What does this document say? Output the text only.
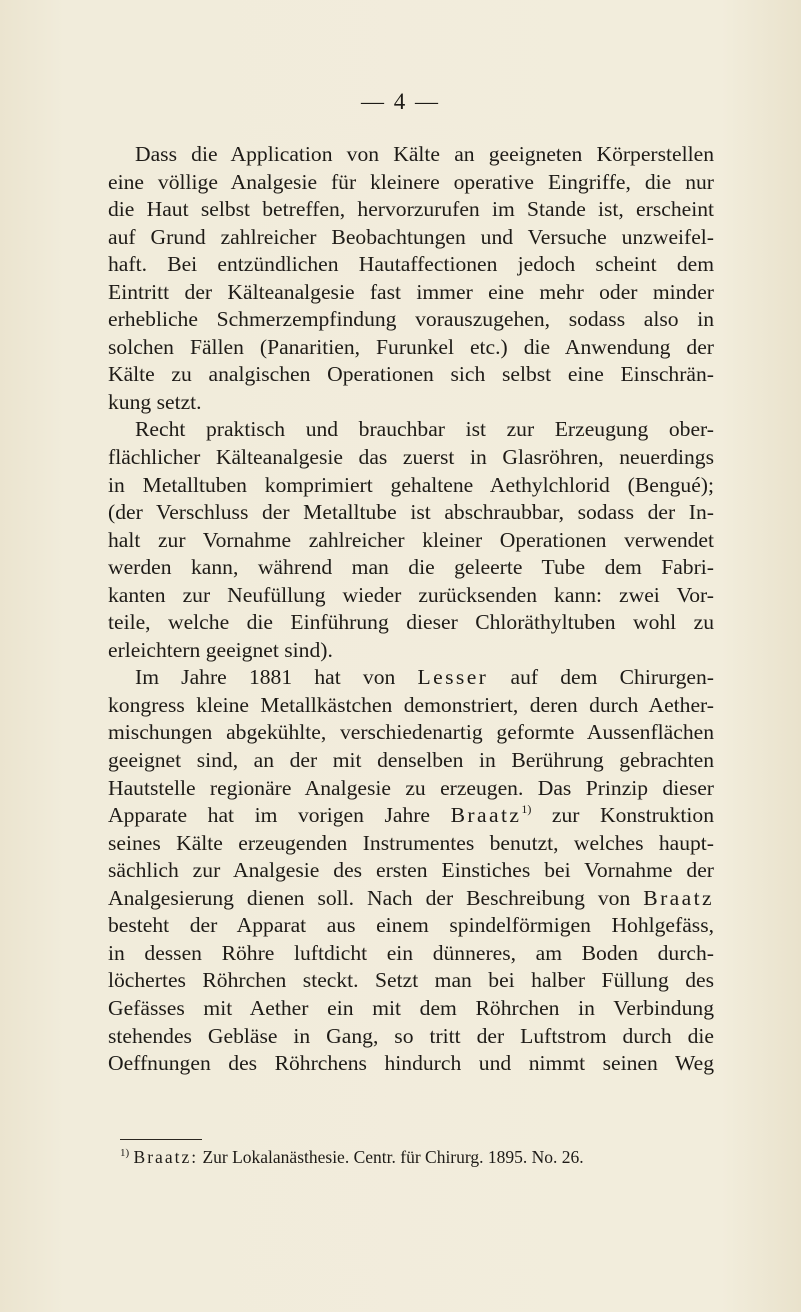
— 4 —

Dass die Application von Kälte an geeigneten Körperstellen
eine völlige Analgesie für kleinere operative Eingriffe, die nur
die Haut selbst betreffen, hervorzurufen im Stande ist, erscheint
auf Grund zahlreicher Beobachtungen und Versuche unzweifel-
haft. Bei entzündlichen Hautaffectionen jedoch scheint dem
Eintritt der Kälteanalgesie fast immer eine mehr oder minder
erhebliche Schmerzempfindung vorauszugehen, sodass also in
solchen Fällen (Panaritien, Furunkel etc.) die Anwendung der
Kälte zu analgischen Operationen sich selbst eine Einschrän-
kung setzt.

Recht praktisch und brauchbar ist zur Erzeugung ober-
flächlicher Kälteanalgesie das zuerst in Glasröhren, neuerdings
in Metalltuben komprimiert gehaltene Aethylchlorid (Bengué);
(der Verschluss der Metalltube ist abschraubbar, sodass der In-
halt zur Vornahme zahlreicher kleiner Operationen verwendet
werden kann, während man die geleerte Tube dem Fabri-
kanten zur Neufüllung wieder zurücksenden kann: zwei Vor-
teile, welche die Einführung dieser Chloräthyltuben wohl zu
erleichtern geeignet sind).

Im Jahre 1881 hat von Lesser auf dem Chirurgen-
kongress kleine Metallkästchen demonstriert, deren durch Aether-
mischungen abgekühlte, verschiedenartig geformte Aussenflächen
geeignet sind, an der mit denselben in Berührung gebrachten
Hautstelle regionäre Analgesie zu erzeugen. Das Prinzip dieser
Apparate hat im vorigen Jahre Braatz$^{1)}$ zur Konstruktion
seines Kälte erzeugenden Instrumentes benutzt, welches haupt-
sächlich zur Analgesie des ersten Einstiches bei Vornahme der
Analgesierung dienen soll. Nach der Beschreibung von Braatz
besteht der Apparat aus einem spindelförmigen Hohlgefäss,
in dessen Röhre luftdicht ein dünneres, am Boden durch-
löchertes Röhrchen steckt. Setzt man bei halber Füllung des
Gefässes mit Aether ein mit dem Röhrchen in Verbindung
stehendes Gebläse in Gang, so tritt der Luftstrom durch die
Oeffnungen des Röhrchens hindurch und nimmt seinen Weg

$^{1)}$ Braatz: Zur Lokalanästhesie. Centr. für Chirurg. 1895. No. 26.
